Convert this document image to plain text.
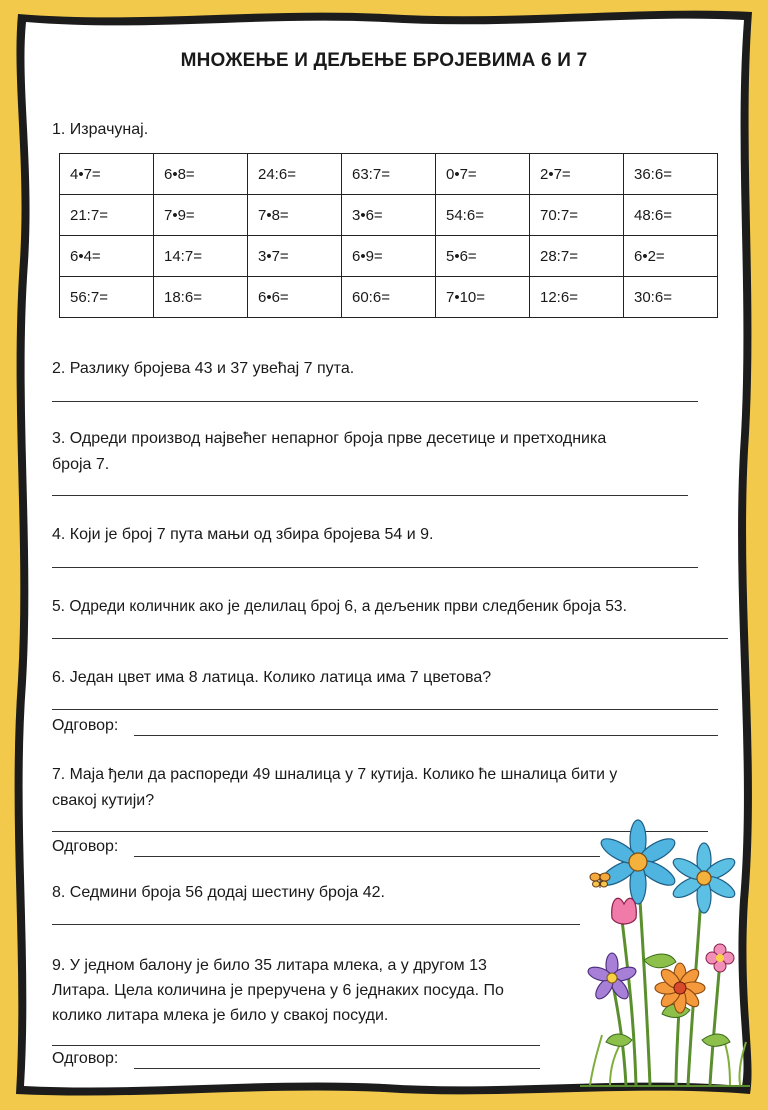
МНОЖЕЊЕ И ДЕЉЕЊЕ БРОЈЕВИМА 6 И 7
1. Израчунај.
4•7=	6•8=	24:6=	63:7=	0•7=	2•7=	36:6=
21:7=	7•9=	7•8=	3•6=	54:6=	70:7=	48:6=
6•4=	14:7=	3•7=	6•9=	5•6=	28:7=	6•2=
56:7=	18:6=	6•6=	60:6=	7•10=	12:6=	30:6=
2. Разлику бројева 43 и 37 увећај 7 пута.
3. Одреди производ највећег непарног броја прве десетице и претходника
броја 7.
4. Који је број 7 пута мањи од збира бројева 54 и 9.
5. Одреди количник ако је делилац број 6, а дељеник први следбеник броја 53.
6. Један цвет има 8 латица. Колико латица има 7 цветова?
Одговор:
7. Маја ђели да распореди 49 шналица у 7 кутија. Колико ће шналица бити у
свакој кутији?
Одговор:
8. Седмини броја 56 додај шестину броја 42.
9. У једном балону је било 35 литара млека, а у другом 13
Литара. Цела количина је преручена у 6 једнаких посуда. По
колико литара млека је било у свакој посуди.
Одговор:
